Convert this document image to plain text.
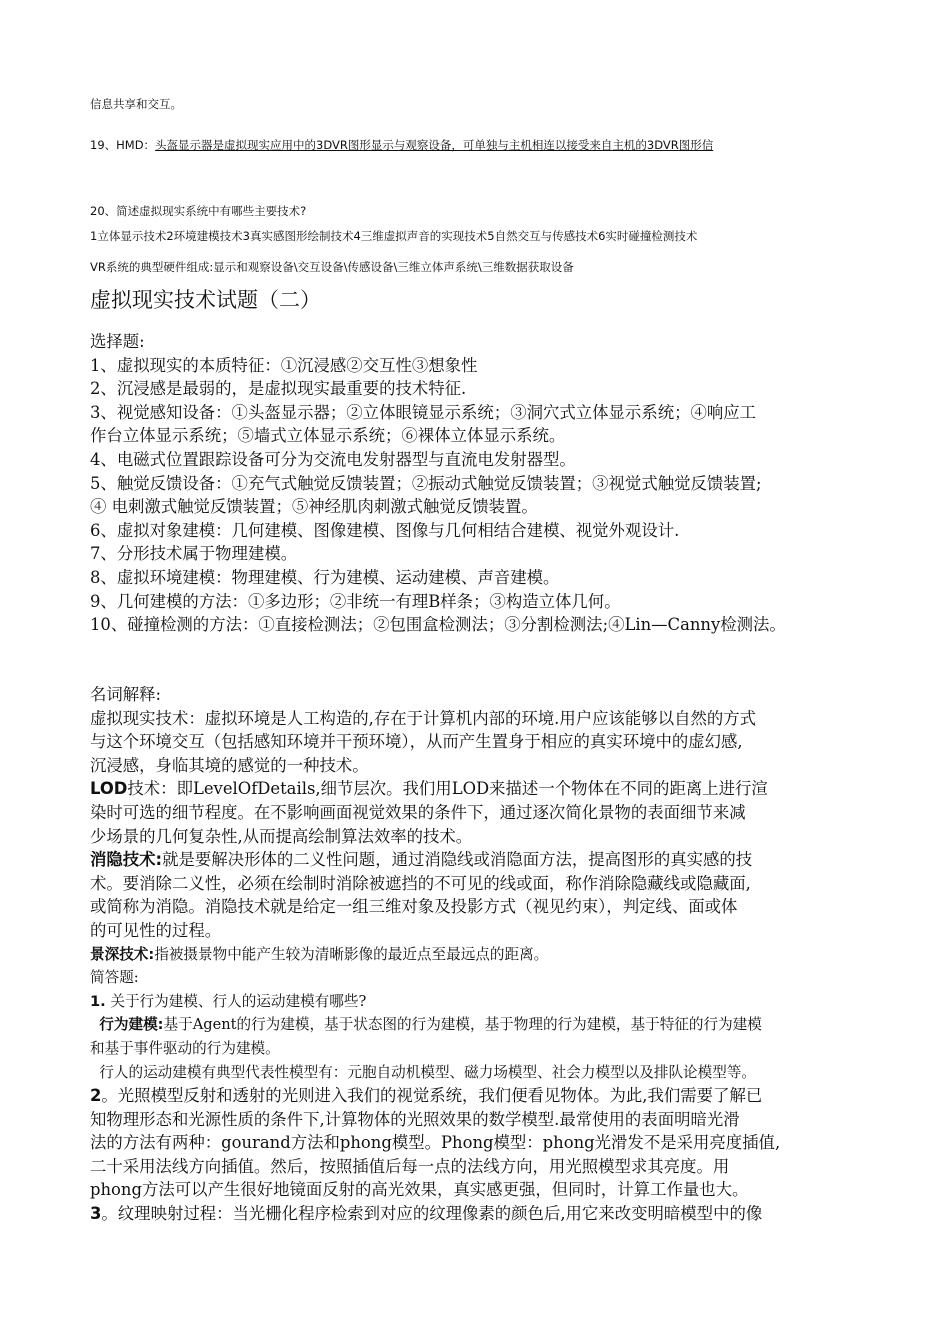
信息共享和交互。
19、HMD：头盔显示器是虚拟现实应用中的3DVR图形显示与观察设备，可单独与主机相连以接受来自主机的3DVR图形信
20、简述虚拟现实系统中有哪些主要技术?
1立体显示技术2环境建模技术3真实感图形绘制技术4三维虚拟声音的实现技术5自然交互与传感技术6实时碰撞检测技术
VR系统的典型硬件组成:显示和观察设备\交互设备\传感设备\三维立体声系统\三维数据获取设备
虚拟现实技术试题（二）

选择题:

1、虚拟现实的本质特征：①沉浸感②交互性③想象性

2、沉浸感是最弱的，是虚拟现实最重要的技术特征.

3、视觉感知设备：①头盔显示器；②立体眼镜显示系统；③洞穴式立体显示系统；④响应工

作台立体显示系统；⑤墙式立体显示系统；⑥裸体立体显示系统。

4、电磁式位置跟踪设备可分为交流电发射器型与直流电发射器型。

5、触觉反馈设备：①充气式触觉反馈装置；②振动式触觉反馈装置；③视觉式触觉反馈装置;

④ 电刺激式触觉反馈装置；⑤神经肌肉刺激式触觉反馈装置。

6、虚拟对象建模：几何建模、图像建模、图像与几何相结合建模、视觉外观设计.

7、分形技术属于物理建模。

8、虚拟环境建模：物理建模、行为建模、运动建模、声音建模。

9、几何建模的方法：①多边形；②非统一有理B样条；③构造立体几何。

10、碰撞检测的方法：①直接检测法；②包围盒检测法；③分割检测法;④Lin—Canny检测法。

名词解释:

虚拟现实技术：虚拟环境是人工构造的,存在于计算机内部的环境.用户应该能够以自然的方式

与这个环境交互（包括感知环境并干预环境），从而产生置身于相应的真实环境中的虚幻感,

沉浸感，身临其境的感觉的一种技术。

LOD技术：即LevelOfDetails,细节层次。我们用LOD来描述一个物体在不同的距离上进行渲

染时可选的细节程度。在不影响画面视觉效果的条件下，通过逐次简化景物的表面细节来减

少场景的几何复杂性,从而提高绘制算法效率的技术。

消隐技术:就是要解决形体的二义性问题，通过消隐线或消隐面方法，提高图形的真实感的技

术。要消除二义性，必须在绘制时消除被遮挡的不可见的线或面，称作消除隐藏线或隐藏面,

或简称为消隐。消隐技术就是给定一组三维对象及投影方式（视见约束），判定线、面或体

的可见性的过程。

景深技术:指被摄景物中能产生较为清晰影像的最近点至最远点的距离。

简答题:

1. 关于行为建模、行人的运动建模有哪些?

行为建模:基于Agent的行为建模，基于状态图的行为建模，基于物理的行为建模，基于特征的行为建模

和基于事件驱动的行为建模。

行人的运动建模有典型代表性模型有：元胞自动机模型、磁力场模型、社会力模型以及排队论模型等。

2。光照模型反射和透射的光则进入我们的视觉系统，我们便看见物体。为此,我们需要了解已

知物理形态和光源性质的条件下,计算物体的光照效果的数学模型.最常使用的表面明暗光滑

法的方法有两种：gourand方法和phong模型。Phong模型：phong光滑发不是采用亮度插值,

二十采用法线方向插值。然后，按照插值后每一点的法线方向，用光照模型求其亮度。用

phong方法可以产生很好地镜面反射的高光效果，真实感更强，但同时，计算工作量也大。

3。纹理映射过程：当光栅化程序检索到对应的纹理像素的颜色后,用它来改变明暗模型中的像
